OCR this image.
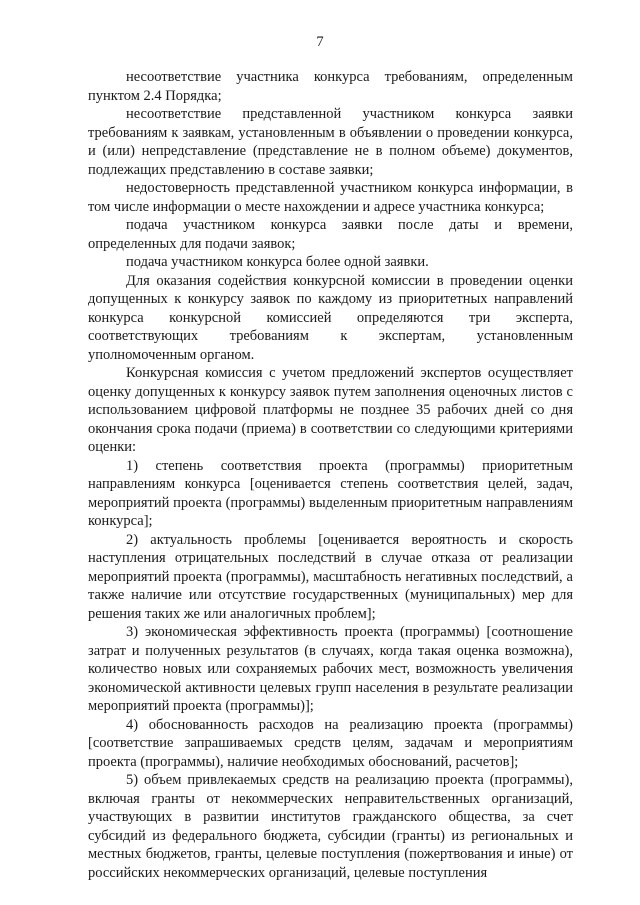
7

несоответствие участника конкурса требованиям, определенным пунктом 2.4 Порядка;

несоответствие представленной участником конкурса заявки требованиям к заявкам, установленным в объявлении о проведении конкурса, и (или) непредставление (представление не в полном объеме) документов, подлежащих представлению в составе заявки;

недостоверность представленной участником конкурса информации, в том числе информации о месте нахождении и адресе участника конкурса;

подача участником конкурса заявки после даты и времени, определенных для подачи заявок;

подача участником конкурса более одной заявки.

Для оказания содействия конкурсной комиссии в проведении оценки допущенных к конкурсу заявок по каждому из приоритетных направлений конкурса конкурсной комиссией определяются три эксперта, соответствующих требованиям к экспертам, установленным уполномоченным органом.

Конкурсная комиссия с учетом предложений экспертов осуществляет оценку допущенных к конкурсу заявок путем заполнения оценочных листов с использованием цифровой платформы не позднее 35 рабочих дней со дня окончания срока подачи (приема) в соответствии со следующими критериями оценки:

1) степень соответствия проекта (программы) приоритетным направлениям конкурса [оценивается степень соответствия целей, задач, мероприятий проекта (программы) выделенным приоритетным направлениям конкурса];

2) актуальность проблемы [оценивается вероятность и скорость наступления отрицательных последствий в случае отказа от реализации мероприятий проекта (программы), масштабность негативных последствий, а также наличие или отсутствие государственных (муниципальных) мер для решения таких же или аналогичных проблем];

3) экономическая эффективность проекта (программы) [соотношение затрат и полученных результатов (в случаях, когда такая оценка возможна), количество новых или сохраняемых рабочих мест, возможность увеличения экономической активности целевых групп населения в результате реализации мероприятий проекта (программы)];

4) обоснованность расходов на реализацию проекта (программы) [соответствие запрашиваемых средств целям, задачам и мероприятиям проекта (программы), наличие необходимых обоснований, расчетов];

5) объем привлекаемых средств на реализацию проекта (программы), включая гранты от некоммерческих неправительственных организаций, участвующих в развитии институтов гражданского общества, за счет субсидий из федерального бюджета, субсидии (гранты) из региональных и местных бюджетов, гранты, целевые поступления (пожертвования и иные) от российских некоммерческих организаций, целевые поступления
